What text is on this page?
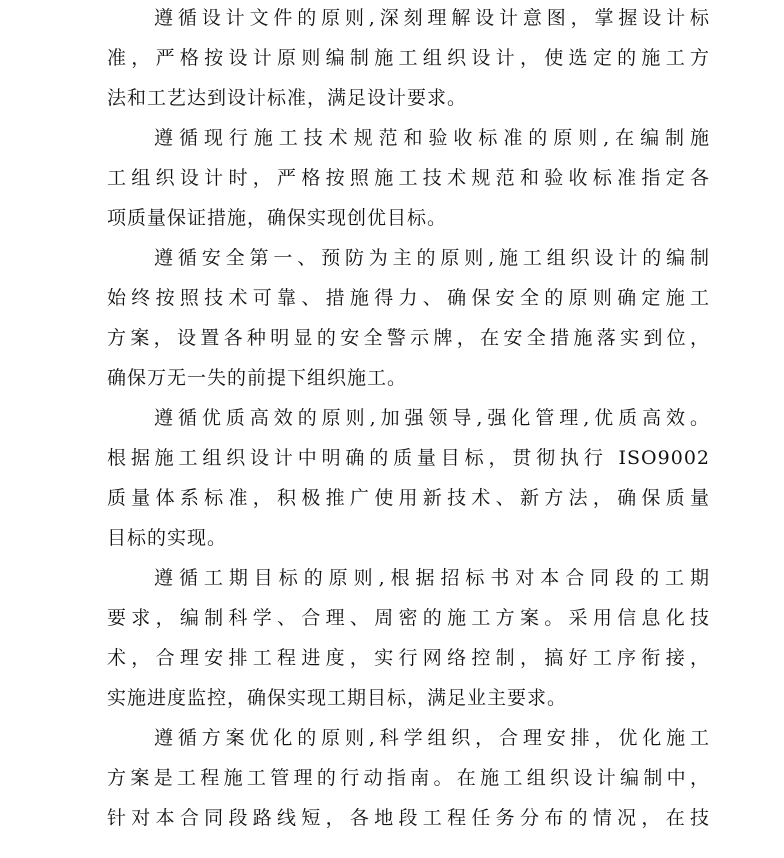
遵循设计文件的原则,深刻理解设计意图，掌握设计标
准，严格按设计原则编制施工组织设计，使选定的施工方
法和工艺达到设计标准，满足设计要求。
遵循现行施工技术规范和验收标准的原则,在编制施
工组织设计时，严格按照施工技术规范和验收标准指定各
项质量保证措施，确保实现创优目标。
遵循安全第一、预防为主的原则,施工组织设计的编制
始终按照技术可靠、措施得力、确保安全的原则确定施工
方案，设置各种明显的安全警示牌，在安全措施落实到位，
确保万无一失的前提下组织施工。
遵循优质高效的原则,加强领导,强化管理,优质高效。
根据施工组织设计中明确的质量目标，贯彻执行 ISO9002
质量体系标准，积极推广使用新技术、新方法，确保质量
目标的实现。
遵循工期目标的原则,根据招标书对本合同段的工期
要求，编制科学、合理、周密的施工方案。采用信息化技
术，合理安排工程进度，实行网络控制，搞好工序衔接，
实施进度监控，确保实现工期目标，满足业主要求。
遵循方案优化的原则,科学组织，合理安排，优化施工
方案是工程施工管理的行动指南。在施工组织设计编制中，
针对本合同段路线短，各地段工程任务分布的情况，在技
